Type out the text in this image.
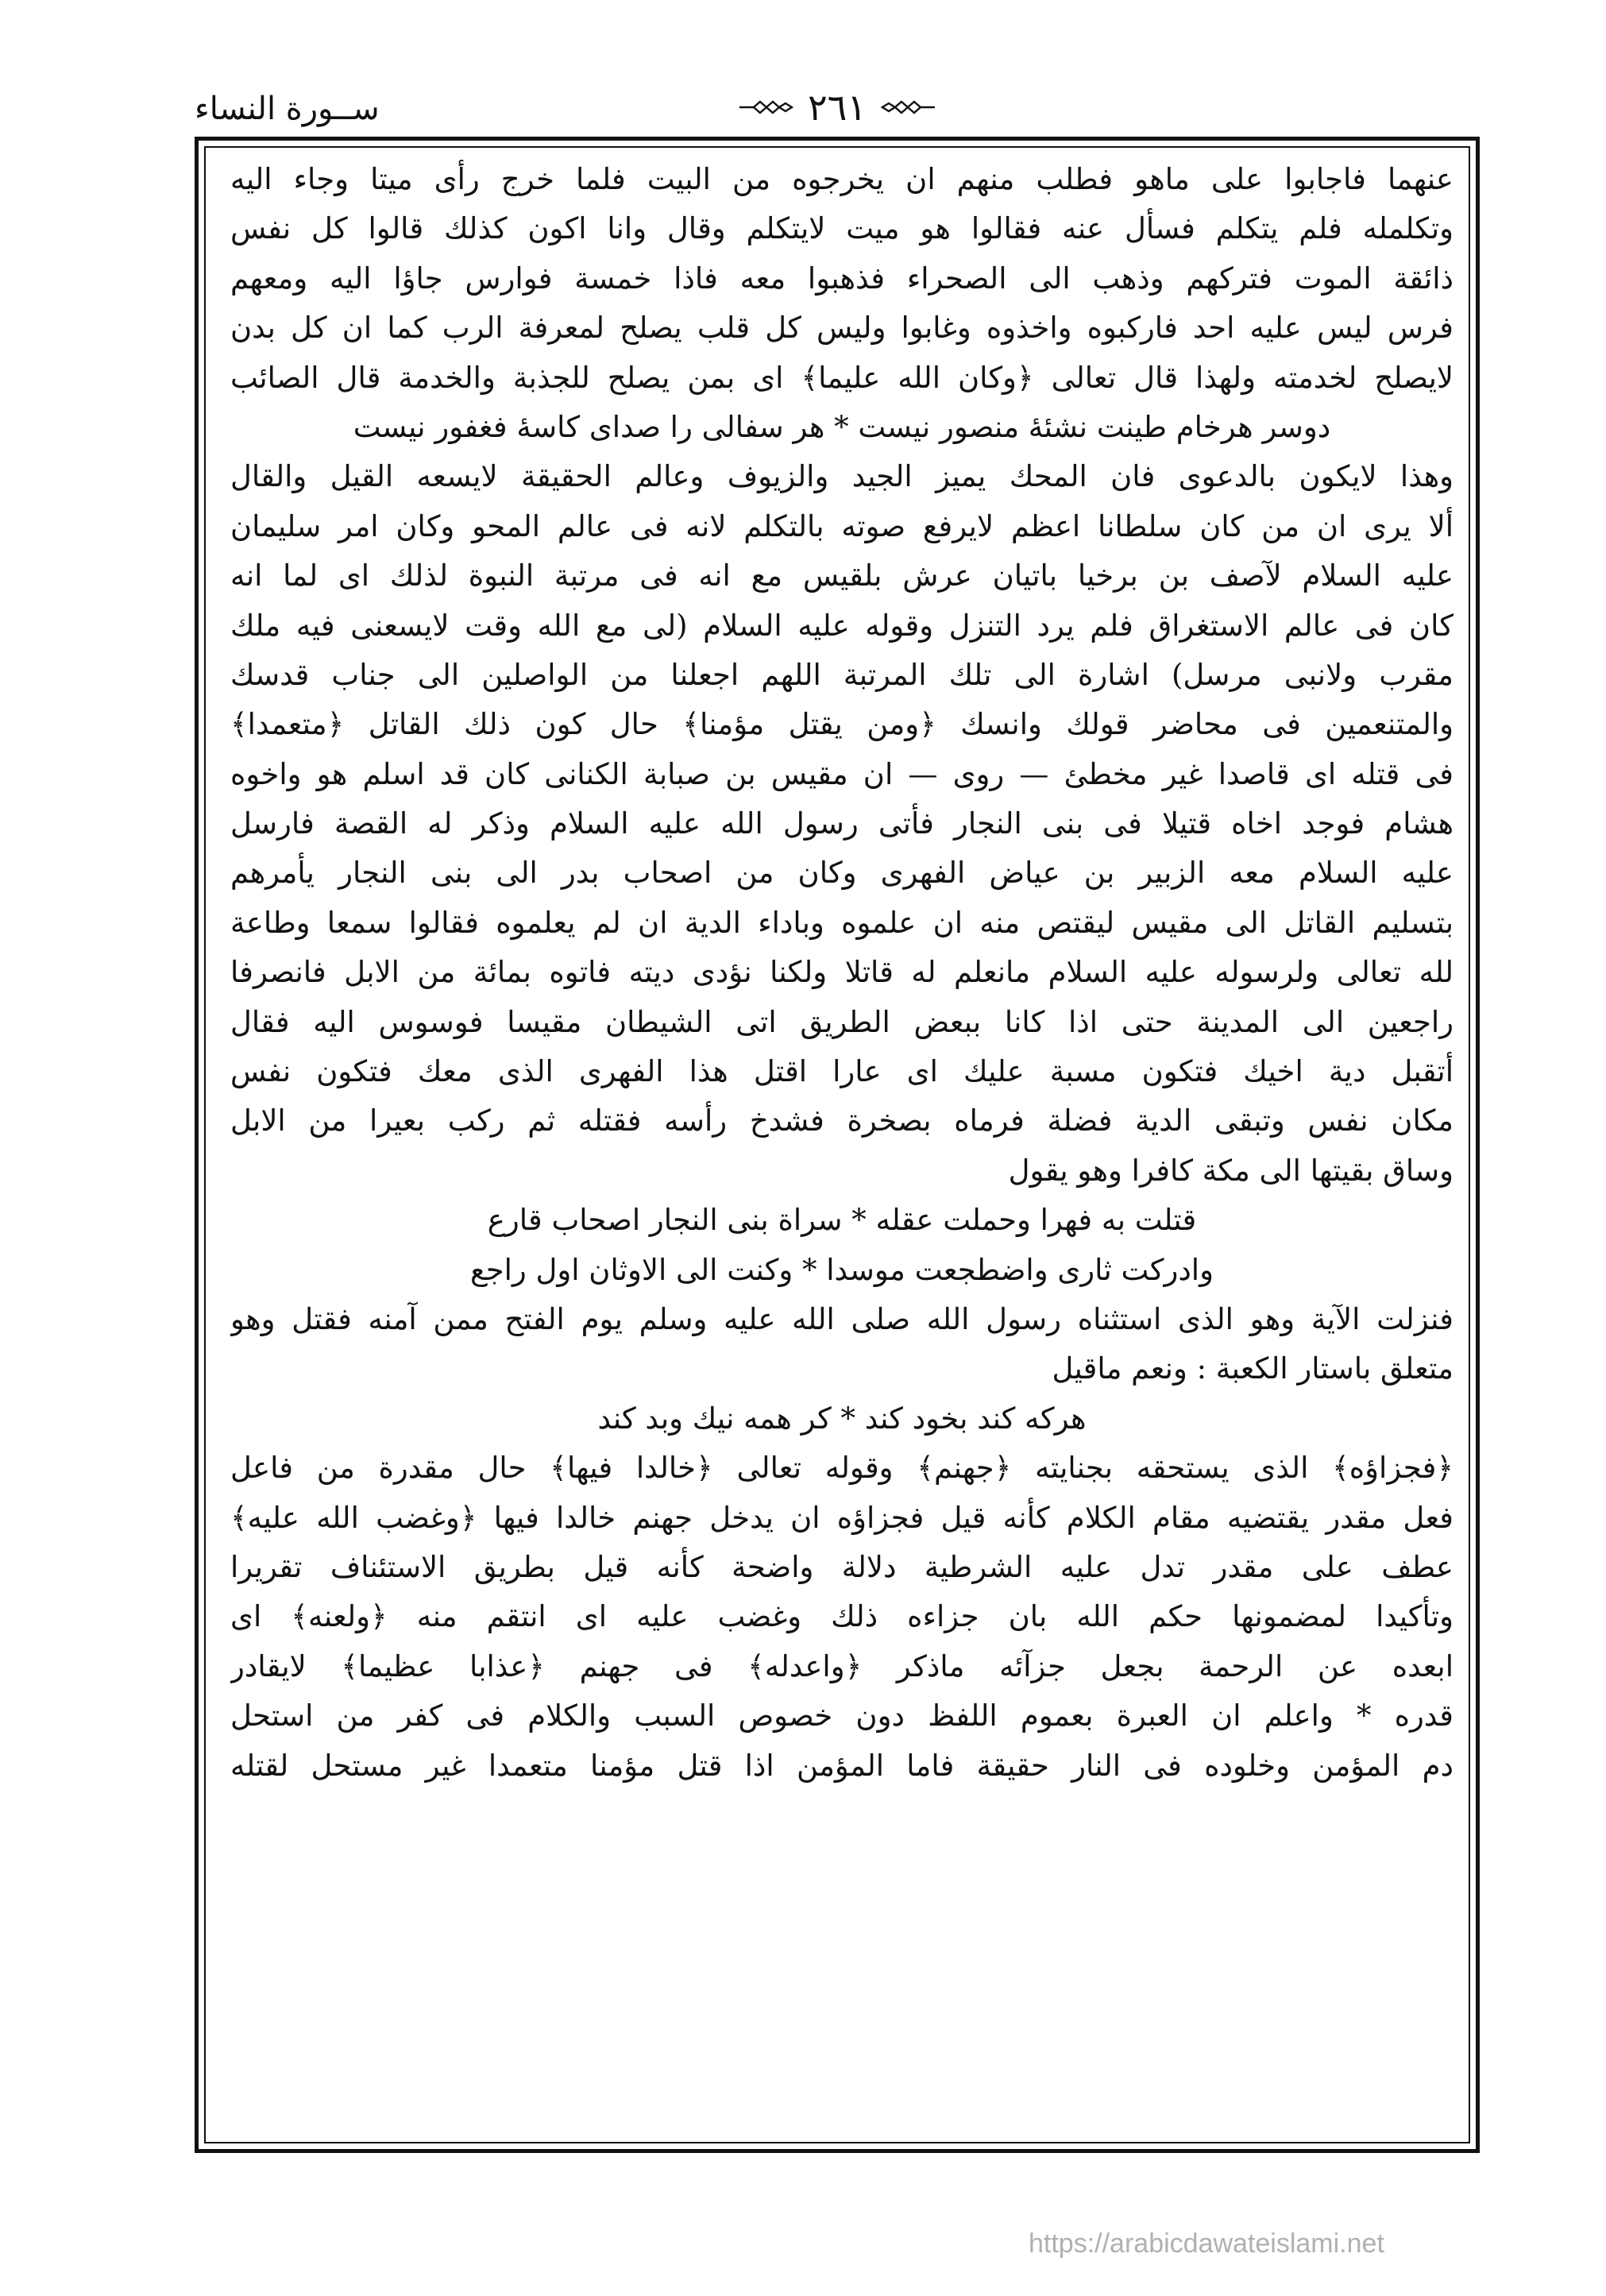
ســورة النساء	٢٦١
عنهما فاجابوا على ماهو فطلب منهم ان يخرجوه من البيت فلما خرج رأى ميتا وجاء اليه
وتكلمله فلم يتكلم فسأل عنه فقالوا هو ميت لايتكلم وقال وانا اكون كذلك قالوا كل نفس
ذائقة الموت فتركهم وذهب الى الصحراء فذهبوا معه فاذا خمسة فوارس جاؤا اليه ومعهم
فرس ليس عليه احد فاركبوه واخذوه وغابوا وليس كل قلب يصلح لمعرفة الرب كما ان كل بدن
لايصلح لخدمته ولهذا قال تعالى ﴿وكان الله عليما﴾ اى بمن يصلح للجذبة والخدمة قال الصائب
دوسر هرخام طينت نشئۀ منصور نيست * هر سفالى را صداى كاسۀ فغفور نيست
وهذا لايكون بالدعوى فان المحك يميز الجيد والزيوف وعالم الحقيقة لايسعه القيل والقال
ألا يرى ان من كان سلطانا اعظم لايرفع صوته بالتكلم لانه فى عالم المحو وكان امر سليمان
عليه السلام لآصف بن برخيا باتيان عرش بلقيس مع انه فى مرتبة النبوة لذلك اى لما انه
كان فى عالم الاستغراق فلم يرد التنزل وقوله عليه السلام (لى مع الله وقت لايسعنى فيه ملك
مقرب ولانبى مرسل) اشارة الى تلك المرتبة اللهم اجعلنا من الواصلين الى جناب قدسك
والمتنعمين فى محاضر قولك وانسك ﴿ومن يقتل مؤمنا﴾ حال كون ذلك القاتل ﴿متعمدا﴾
فى قتله اى قاصدا غير مخطئ — روى — ان مقيس بن صبابة الكنانى كان قد اسلم هو واخوه
هشام فوجد اخاه قتيلا فى بنى النجار فأتى رسول الله عليه السلام وذكر له القصة فارسل
عليه السلام معه الزبير بن عياض الفهرى وكان من اصحاب بدر الى بنى النجار يأمرهم
بتسليم القاتل الى مقيس ليقتص منه ان علموه وباداء الدية ان لم يعلموه فقالوا سمعا وطاعة
لله تعالى ولرسوله عليه السلام مانعلم له قاتلا ولكنا نؤدى ديته فاتوه بمائة من الابل فانصرفا
راجعين الى المدينة حتى اذا كانا ببعض الطريق اتى الشيطان مقيسا فوسوس اليه فقال
أتقبل دية اخيك فتكون مسبة عليك اى عارا اقتل هذا الفهرى الذى معك فتكون نفس
مكان نفس وتبقى الدية فضلة فرماه بصخرة فشدخ رأسه فقتله ثم ركب بعيرا من الابل
وساق بقيتها الى مكة كافرا وهو يقول
قتلت به فهرا وحملت عقله * سراة بنى النجار اصحاب قارع
وادركت ثارى واضطجعت موسدا * وكنت الى الاوثان اول راجع
فنزلت الآية وهو الذى استثناه رسول الله صلى الله عليه وسلم يوم الفتح ممن آمنه فقتل وهو
متعلق باستار الكعبة : ونعم ماقيل
هركه كند بخود كند * كر همه نيك وبد كند
﴿فجزاؤه﴾ الذى يستحقه بجنايته ﴿جهنم﴾ وقوله تعالى ﴿خالدا فيها﴾ حال مقدرة من فاعل
فعل مقدر يقتضيه مقام الكلام كأنه قيل فجزاؤه ان يدخل جهنم خالدا فيها ﴿وغضب الله عليه﴾
عطف على مقدر تدل عليه الشرطية دلالة واضحة كأنه قيل بطريق الاستئناف تقريرا
وتأكيدا لمضمونها حكم الله بان جزاءه ذلك وغضب عليه اى انتقم منه ﴿ولعنه﴾ اى
ابعده عن الرحمة بجعل جزآئه ماذكر ﴿واعدله﴾ فى جهنم ﴿عذابا عظيما﴾ لايقادر
قدره * واعلم ان العبرة بعموم اللفظ دون خصوص السبب والكلام فى كفر من استحل
دم المؤمن وخلوده فى النار حقيقة فاما المؤمن اذا قتل مؤمنا متعمدا غير مستحل لقتله
https://arabicdawateislami.net
